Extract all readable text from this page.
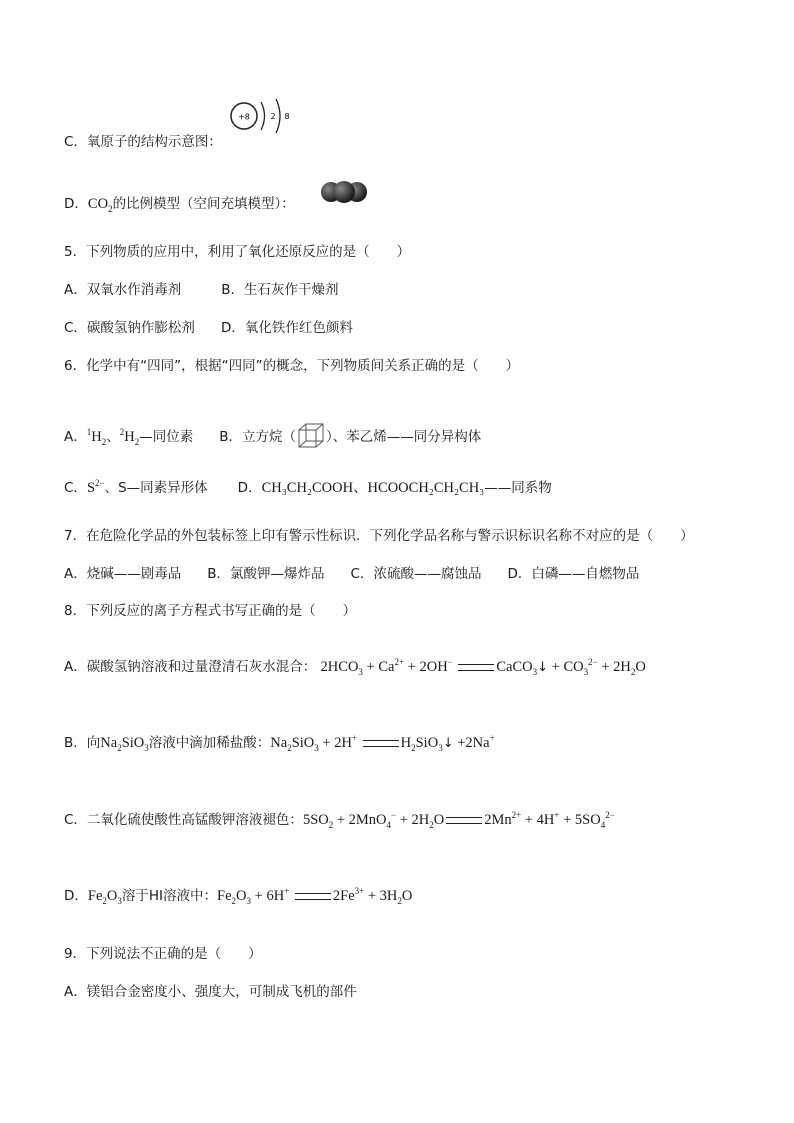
C．氧原子的结构示意图：
+8	2 8
D．$CO_2$的比例模型（空间充填模型）：
5．下列物质的应用中，利用了氧化还原反应的是（　　）
A．双氧水作消毒剂	B．生石灰作干燥剂
C．碳酸氢钠作膨松剂 D．氧化铁作红色颜料
6．化学中有“四同”，根据“四同”的概念，下列物质间关系正确的是（　　）
A．$^1H_2$、$^2H_2—$同位素 B．立方烷（ ）、苯乙烯——同分异构体
C．$S^{2-}$、S—同素异形体 D．CH₃CH₂COOH、HCOOCH₂CH₂CH₃——同系物
7．在危险化学品的外包装标签上印有警示性标识．下列化学品名称与警示识标识名称不对应的是（　　）
A．烧碱——剧毒品 B．氯酸钾—爆炸品 C．浓硫酸——腐蚀品 D．白磷——自燃物品
8．下列反应的离子方程式书写正确的是（　　）
A．碳酸氢钠溶液和过量澄清石灰水混合： $2HCO_3 + Ca^{2+} + 2OH^-$	CaCO$_3$↓ + $CO_3^{2-} + 2H_2O$
B．向$Na_2SiO_3$溶液中滴加稀盐酸：$Na_2SiO_3 + 2H^+$	$H_2SiO_3↓ +2Na^+$
C．二氧化硫使酸性高锰酸钾溶液褪色：$5SO_2 + 2MnO_4^- + 2H_2O$	$2Mn^{2+} + 4H^+ + 5SO_4^{2-}$
D．$Fe_2O_3$溶于HI溶液中：$Fe_2O_3 + 6H^+$	$2Fe^{3+} + 3H_2O$
9．下列说法不正确的是（　　）
A．镁铝合金密度小、强度大，可制成飞机的部件
